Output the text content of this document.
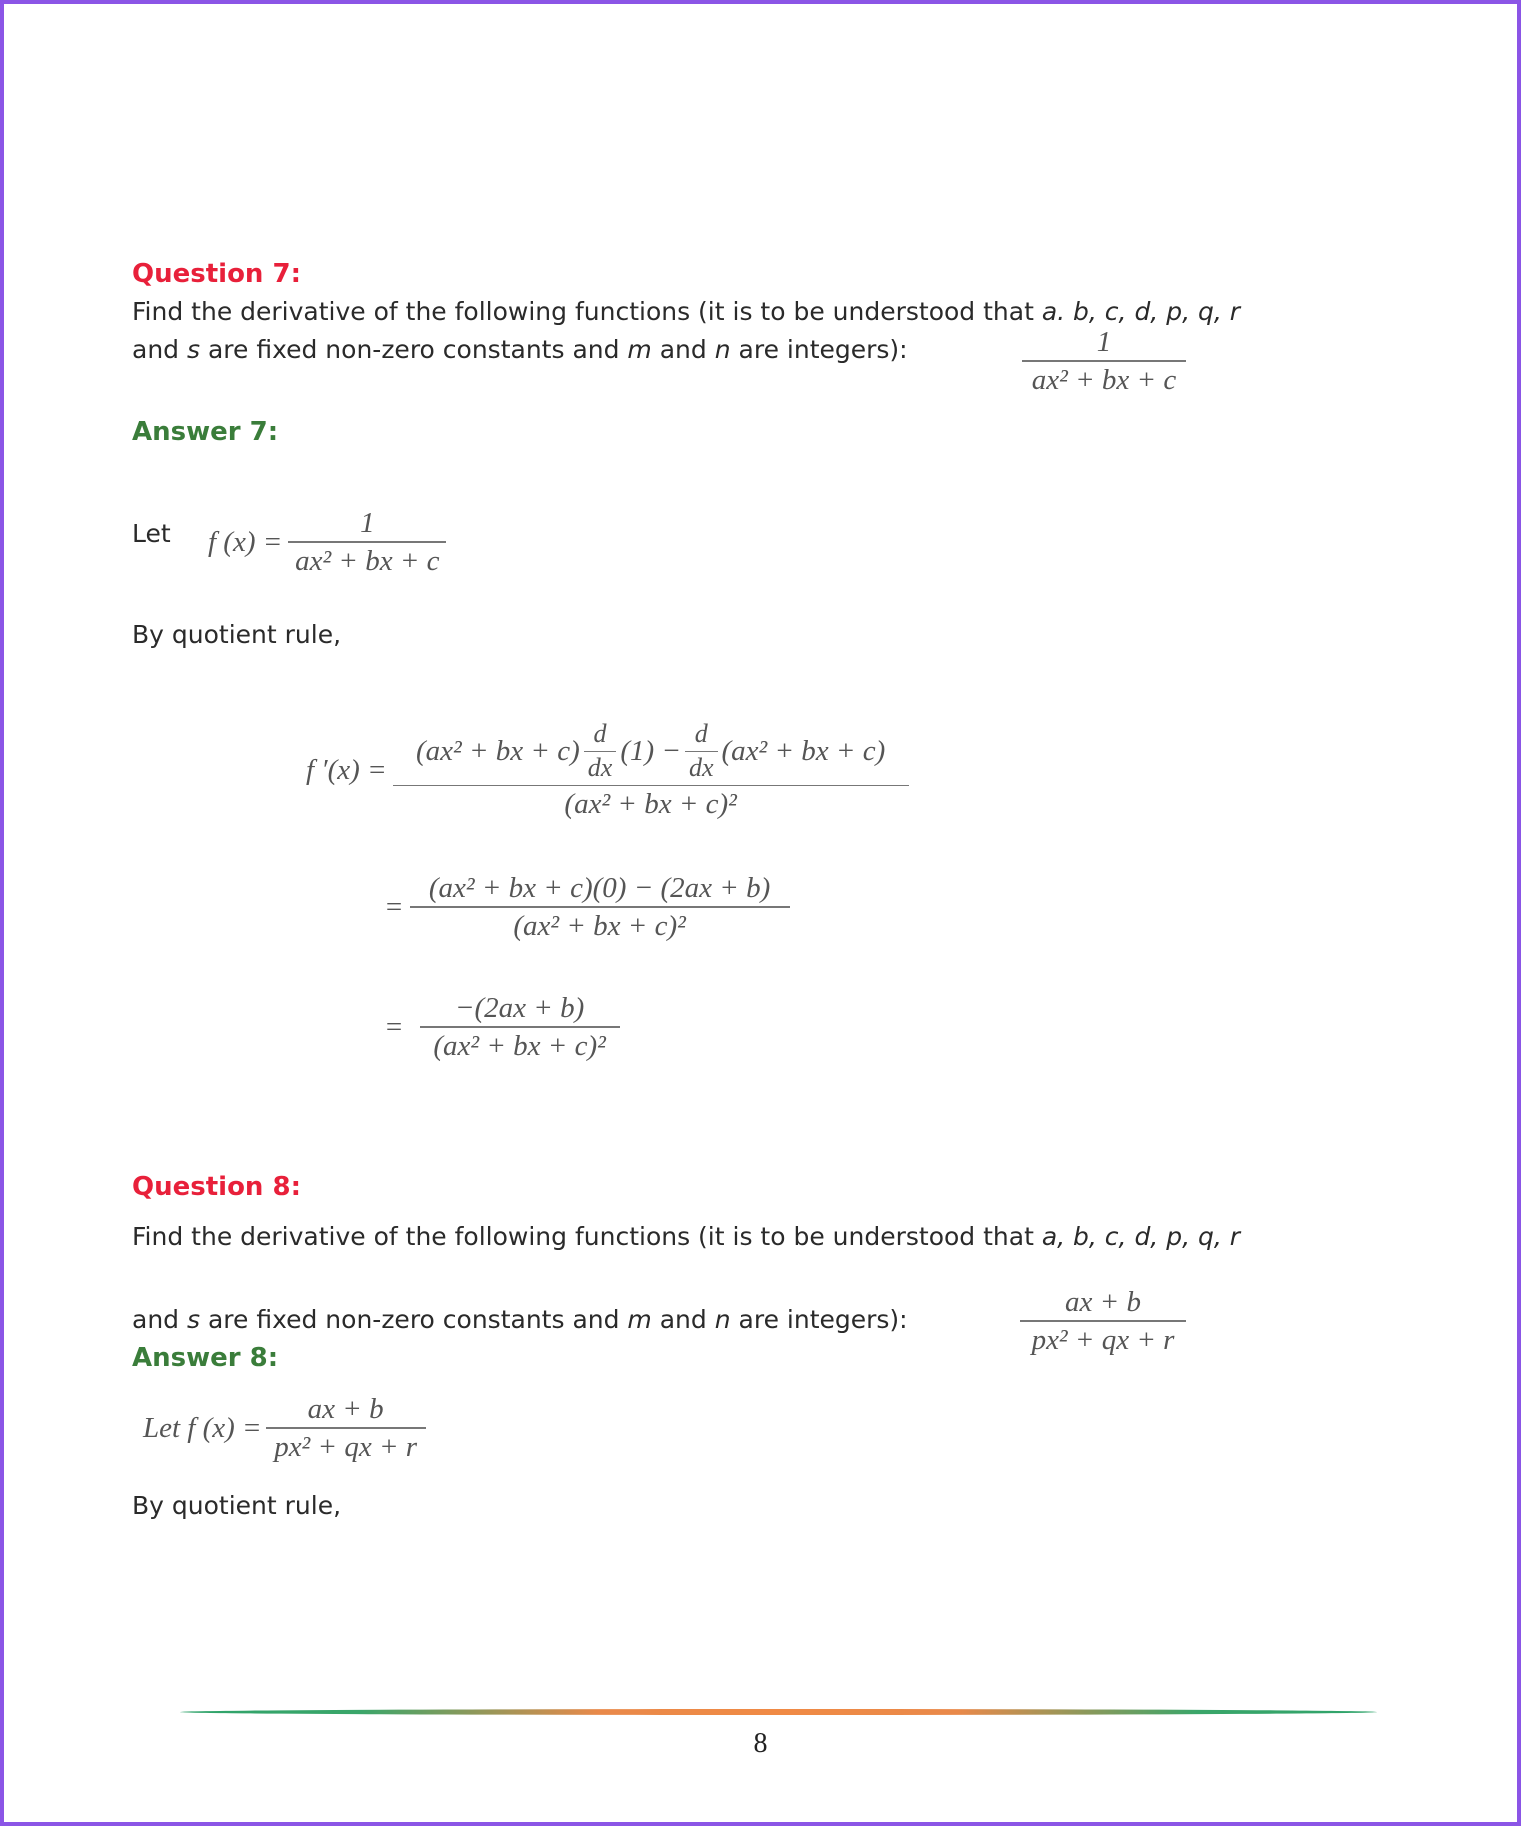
Question 7:
Find the derivative of the following functions (it is to be understood that a. b, c, d, p, q, r
and s are fixed non-zero constants and m and n are integers):	$\frac{1}{\text{ax² + bx + c}}$
Answer 7:
Let f $(x) = \frac{1}{\text{ax² + bx + c}}$
By quotient rule,
f ′(x) =
(ax² + bx + $c) \frac{d}{dx} (1) - \frac{d}{dx} (ax^2$ + bx + c)
(ax² + bx + c)²
= $\frac{\text{(ax² + bx + c)(0) − (2ax + b)}}{\text{(ax² + bx + c)²}}$
= $\frac{-(2ax + b)}{\text{(ax² + bx + c)²}}$
Question 8:
Find the derivative of the following functions (it is to be understood that a, b, c, d, p, q, r
and s are fixed non-zero constants and m and n are integers):	$\frac{ax + b}{\text{px² + qx + r}}$
Answer 8:
Let f $(x) = \frac{ax + b}{\text{px² + qx + r}}$
By quotient rule,
8
